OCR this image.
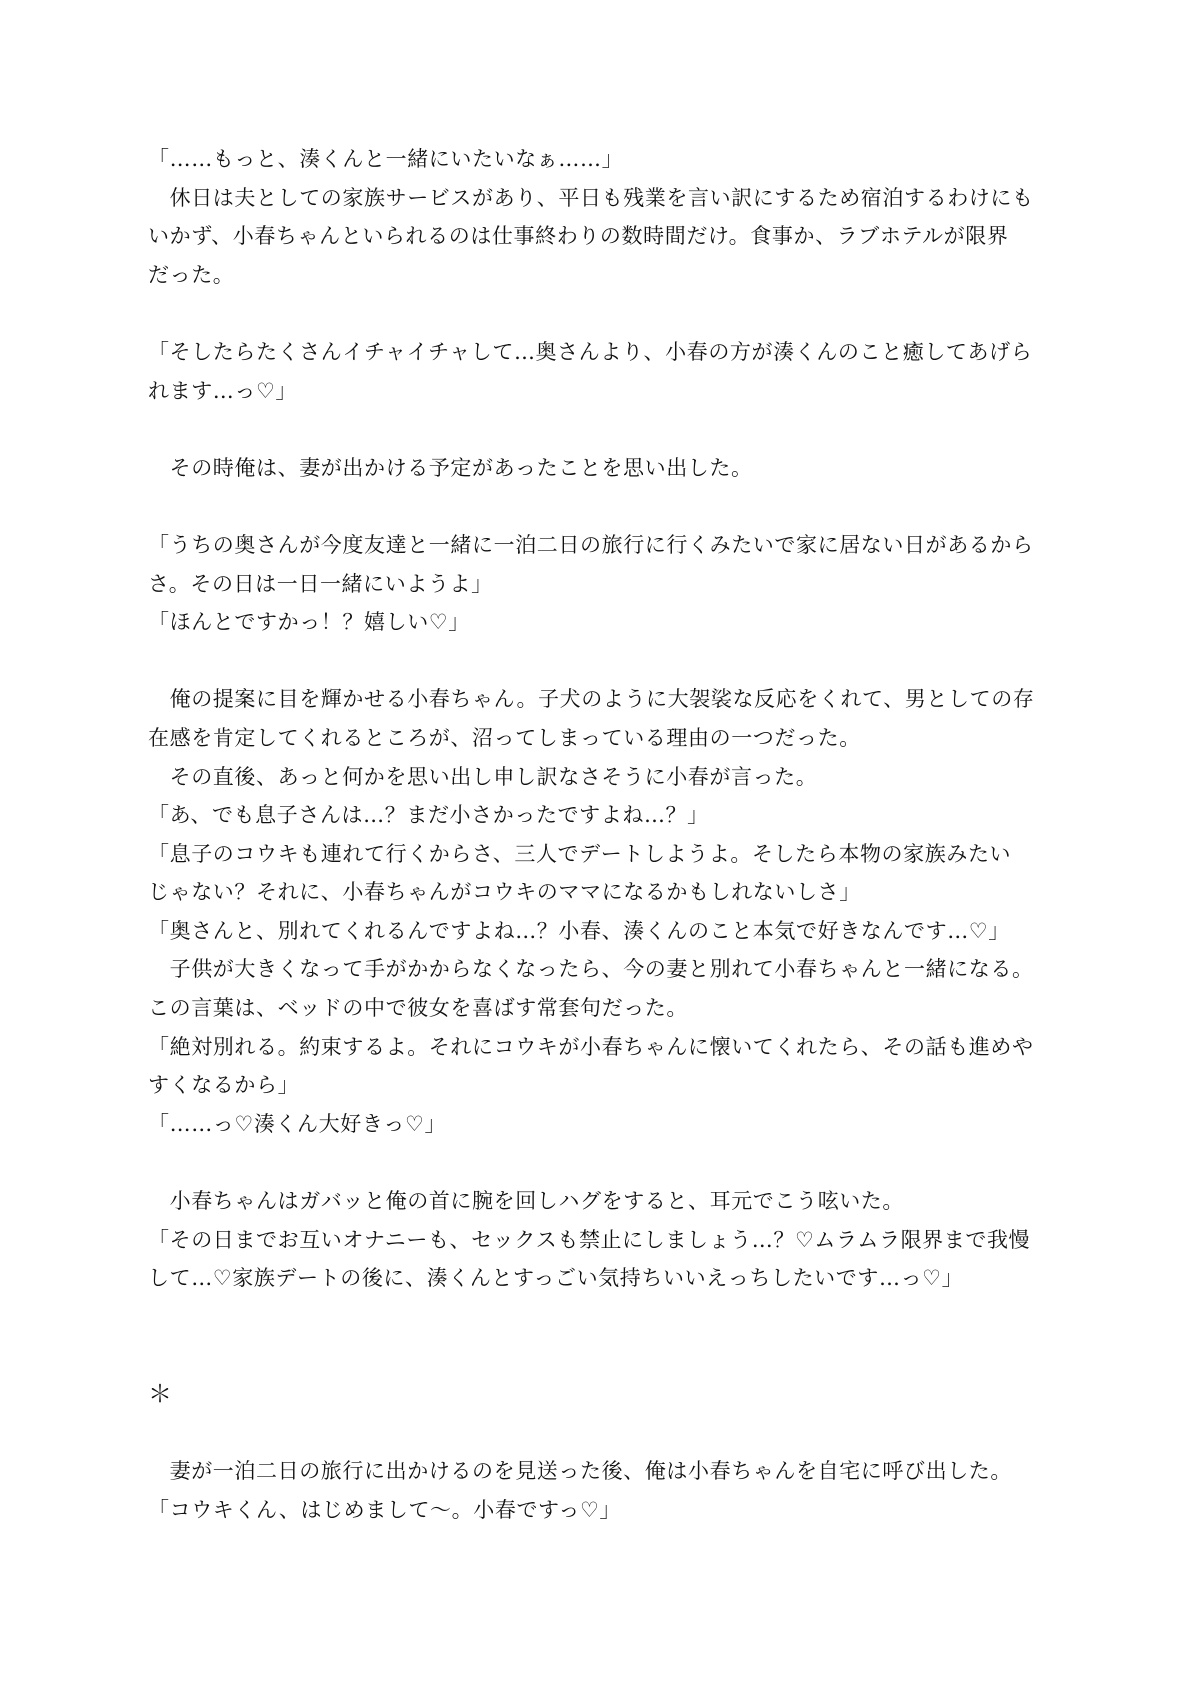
「……もっと、湊くんと一緒にいたいなぁ……」
　休日は夫としての家族サービスがあり、平日も残業を言い訳にするため宿泊するわけにも
いかず、小春ちゃんといられるのは仕事終わりの数時間だけ。食事か、ラブホテルが限界
だった。
「そしたらたくさんイチャイチャして…奥さんより、小春の方が湊くんのこと癒してあげら
れます…っ♡」
　その時俺は、妻が出かける予定があったことを思い出した。
「うちの奥さんが今度友達と一緒に一泊二日の旅行に行くみたいで家に居ない日があるから
さ。その日は一日一緒にいようよ」
「ほんとですかっ！？嬉しい♡」
　俺の提案に目を輝かせる小春ちゃん。子犬のように大袈裟な反応をくれて、男としての存
在感を肯定してくれるところが、沼ってしまっている理由の一つだった。
　その直後、あっと何かを思い出し申し訳なさそうに小春が言った。
「あ、でも息子さんは…？まだ小さかったですよね…？」
「息子のコウキも連れて行くからさ、三人でデートしようよ。そしたら本物の家族みたい
じゃない？それに、小春ちゃんがコウキのママになるかもしれないしさ」
「奥さんと、別れてくれるんですよね…？小春、湊くんのこと本気で好きなんです…♡」
　子供が大きくなって手がかからなくなったら、今の妻と別れて小春ちゃんと一緒になる。
この言葉は、ベッドの中で彼女を喜ばす常套句だった。
「絶対別れる。約束するよ。それにコウキが小春ちゃんに懐いてくれたら、その話も進めや
すくなるから」
「……っ♡湊くん大好きっ♡」
　小春ちゃんはガバッと俺の首に腕を回しハグをすると、耳元でこう呟いた。
「その日までお互いオナニーも、セックスも禁止にしましょう…？♡ムラムラ限界まで我慢
して…♡家族デートの後に、湊くんとすっごい気持ちいいえっちしたいです…っ♡」
＊
　妻が一泊二日の旅行に出かけるのを見送った後、俺は小春ちゃんを自宅に呼び出した。
「コウキくん、はじめまして〜。小春ですっ♡」
